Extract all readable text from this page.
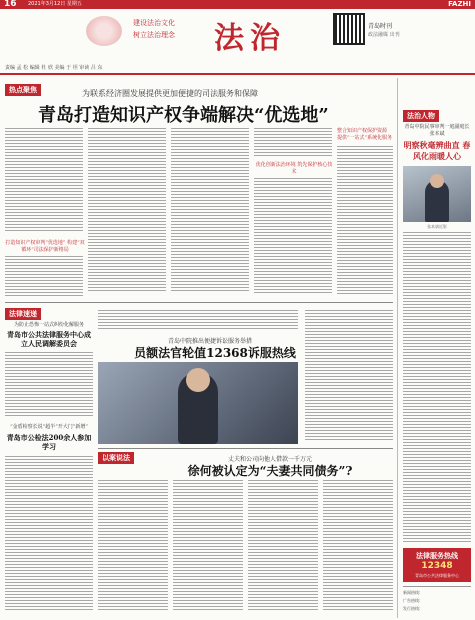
16 2021年3月12日 星期五	FAZHI
建设法治文化
树立法治理念 法治	青岛时刊
政法融媒 出刊
责编 孟 松 编辑 杜 欣 美编 于 坦 审读 吕 东
热点聚焦	为联系经济圈发展提供更加便捷的司法服务和保障
青岛打造知识产权争端解决“优选地”
打造知识产权审判“优选地” 构建“双循环”司法保护新格局
优化创新法治环境 筑先保护核心技术
整合知识产权保护资源 提供“一站式”系统化服务
法律速递
为防止恐怖一站式纠纷化解服务
青岛市公共法律服务中心成立人民调解委员会
“金盾检察长说”超半“开大门”新增”
青岛市公检法200余人参加学习
青岛中院推出便捷诉讼服务举措
员额法官轮值12368诉服热线
以案说法	丈夫和公司向他人借款一千万元
徐何被认定为“夫妻共同债务”?
法治人物
青岛中院民事审判一庭副庭长张本斌
明察秋毫辨曲直 春风化雨暖人心
张本斌近影
法律服务热线
12348
青岛市公共法律服务中心
新闻热线:
广告热线:
发行热线:
